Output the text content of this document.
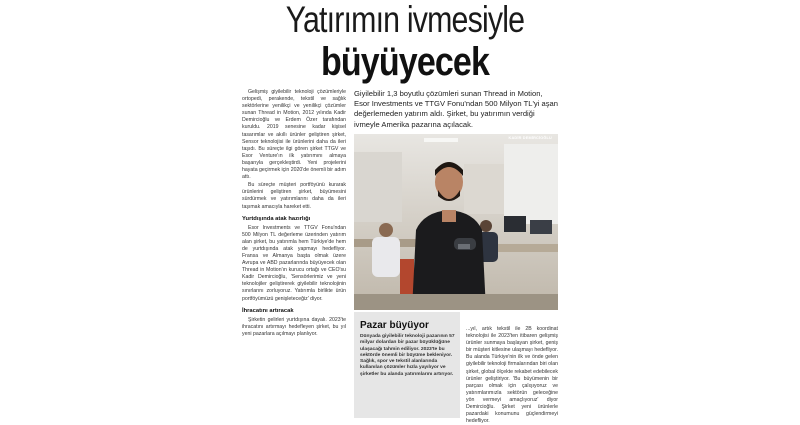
Yatırımın ivmesiyle
büyüyecek
Giyilebilir 1,3 boyutlu çözümleri sunan Thread in Motion, Esor Investments ve TTGV Fonu'ndan 500 Milyon TL'yi aşan değerlemeden yatırım aldı. Şirket, bu yatırımın verdiği ivmeyle Amerika pazarına açılacak.

Gelişmiş giyilebilir teknoloji çözümleriyle ortopedi, perakende, tekstil ve sağlık sektörlerine yenilikçi ve yenilikçi çözümler sunan Thread in Motion, 2012 yılında Kadir Demircioğlu ve Erdem Özer tarafından kuruldu. 2019 senesine kadar kişisel tasarımlar ve akıllı ürünler geliştiren şirket, Sensor teknolojisi ile ürünlerini daha da ileri taşıdı. Bu süreçte ilgi gören şirket TTGV ve Esor Venture'ın ilk yatırımını almaya başarıyla gerçekleştirdi. Yeni projelerini hayata geçirmek için 2020'de önemli bir adım attı.

Bu süreçte müşteri portföyünü kurarak ürünlerini geliştiren şirket, büyümesini sürdürmek ve yatırımlarını daha da ileri taşımak amacıyla hareket etti.

Yurtdışında atak hazırlığı

Esor Investments ve TTGV Fonu'ndan 500 Milyon TL değerleme üzerinden yatırım alan şirket, bu yatırımla hem Türkiye'de hem de yurtdışında atak yapmayı hedefliyor. Fransa ve Almanya başta olmak üzere Avrupa ve ABD pazarlarında büyüyecek olan Thread in Motion'ın kurucu ortağı ve CEO'su Kadir Demircioğlu, 'Sensörlerimiz ve yeni teknolojiler geliştirerek giyilebilir teknolojinin sınırlarını zorluyoruz. Yatırımla birlikte ürün portföyümüzü genişleteceğiz' diyor.

İhracatını artıracak

Şirketin gelirleri yurtdışına dayalı. 2023'te ihracatını artırmayı hedefleyen şirket, bu yıl yeni pazarlara açılmayı planlıyor.

KADİR DEMİRCİOĞLU
Pazar büyüyor
Dünyada giyilebilir teknoloji pazarının 57 milyar dolardan bir pazar büyüklüğüne ulaşacağı tahmin ediliyor. 2023'te bu sektörde önemli bir büyüme bekleniyor. Sağlık, spor ve tekstil alanlarında kullanılan çözümler hızla yayılıyor ve şirketler bu alanda yatırımlarını artırıyor.

...yıl, artık tekstil ile 2B koordinat teknolojisi ile 2023'ten itibaren gelişmiş ürünler sunmaya başlayan şirket, geniş bir müşteri kitlesine ulaşmayı hedefliyor. Bu alanda Türkiye'nin ilk ve önde gelen giyilebilir teknoloji firmalarından biri olan şirket, global ölçekte rekabet edebilecek ürünler geliştiriyor. 'Bu büyümenin bir parçası olmak için çalışıyoruz ve yatırımlarımızla sektörün geleceğine yön vermeyi amaçlıyoruz' diyor Demircioğlu. Şirket yeni ürünlerle pazardaki konumunu güçlendirmeyi hedefliyor.
